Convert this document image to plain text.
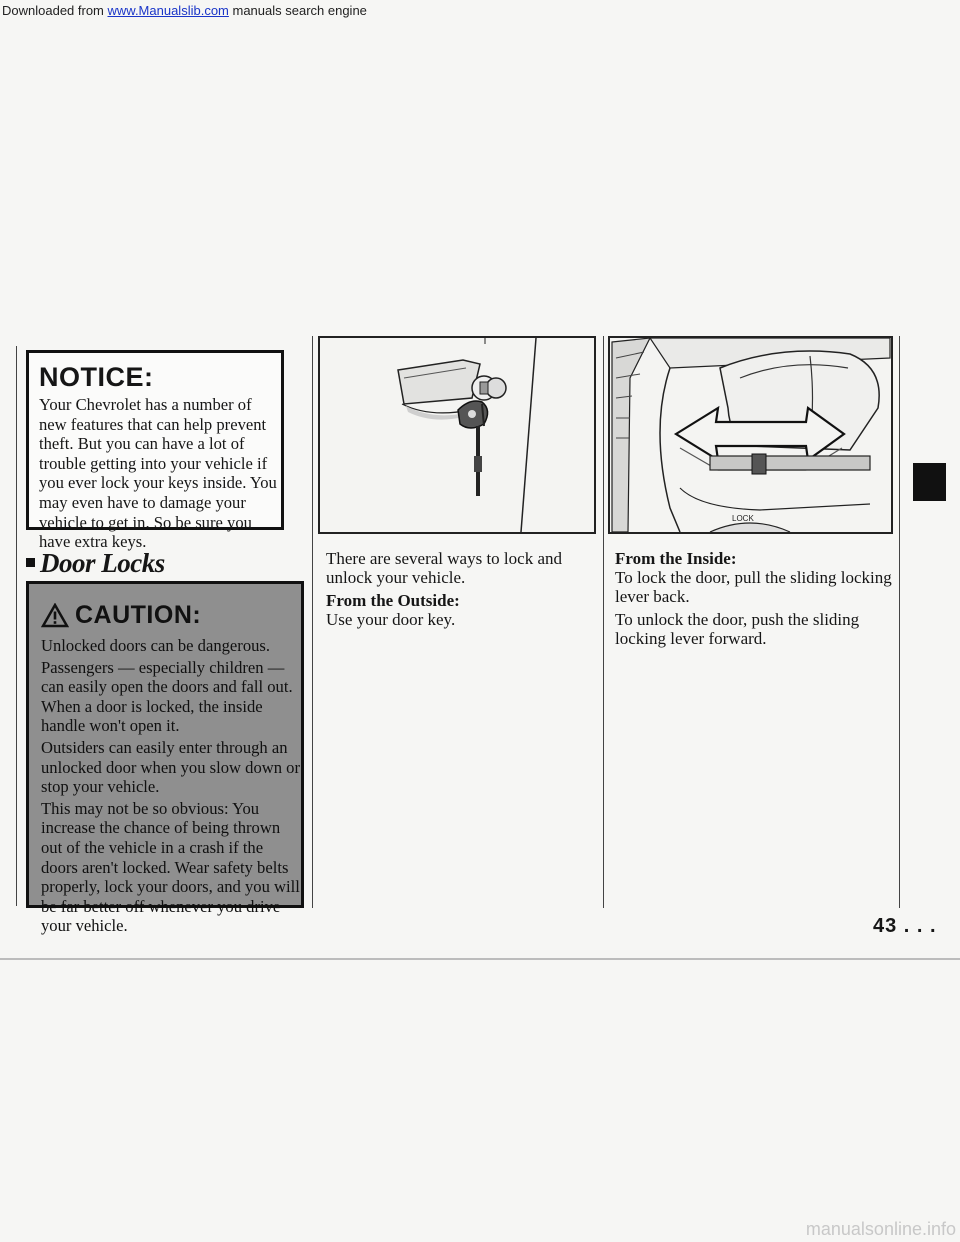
Downloaded from www.Manualslib.com manuals search engine
NOTICE:

Your Chevrolet has a number of new features that can help prevent theft. But you can have a lot of trouble getting into your vehicle if you ever lock your keys inside. You may even have to damage your vehicle to get in. So be sure you have extra keys.

Door Locks
CAUTION:

Unlocked doors can be dangerous.

Passengers — especially children — can easily open the doors and fall out. When a door is locked, the inside handle won't open it.

Outsiders can easily enter through an unlocked door when you slow down or stop your vehicle.

This may not be so obvious: You increase the chance of being thrown out of the vehicle in a crash if the doors aren't locked. Wear safety belts properly, lock your doors, and you will be far better off whenever you drive your vehicle.

LOCK

There are several ways to lock and unlock your vehicle.

From the Outside:

Use your door key.

From the Inside:

To lock the door, pull the sliding locking lever back.

To unlock the door, push the sliding locking lever forward.

43 . . .
manualsonline.info
